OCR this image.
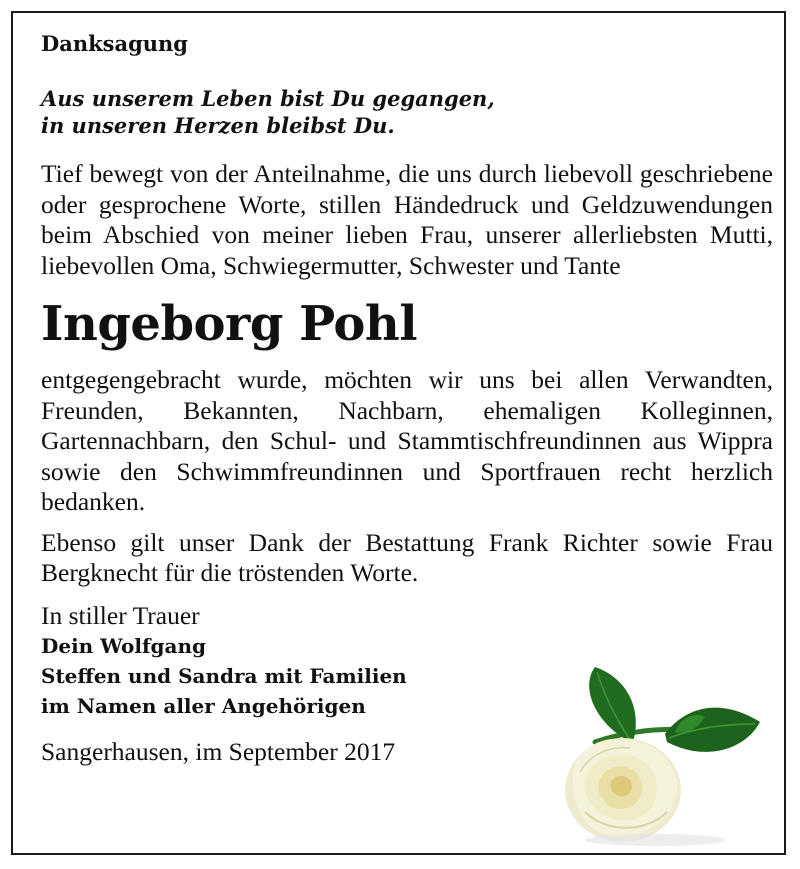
Danksagung
Aus unserem Leben bist Du gegangen,
in unseren Herzen bleibst Du.

Tief bewegt von der Anteilnahme, die uns durch liebevoll geschriebene oder gesprochene Worte, stillen Händedruck und Geldzuwendungen beim Abschied von meiner lieben Frau, unserer allerliebsten Mutti, liebevollen Oma, Schwiegermutter, Schwester und Tante

Ingeborg Pohl

entgegengebracht wurde, möchten wir uns bei allen Verwandten, Freunden, Bekannten, Nachbarn, ehemaligen Kolleginnen, Gartennachbarn, den Schul- und Stammtischfreundinnen aus Wippra sowie den Schwimmfreundinnen und Sportfrauen recht herzlich bedanken.

Ebenso gilt unser Dank der Bestattung Frank Richter sowie Frau Bergknecht für die tröstenden Worte.

In stiller Trauer
Dein Wolfgang
Steffen und Sandra mit Familien
im Namen aller Angehörigen
Sangerhausen, im September 2017
